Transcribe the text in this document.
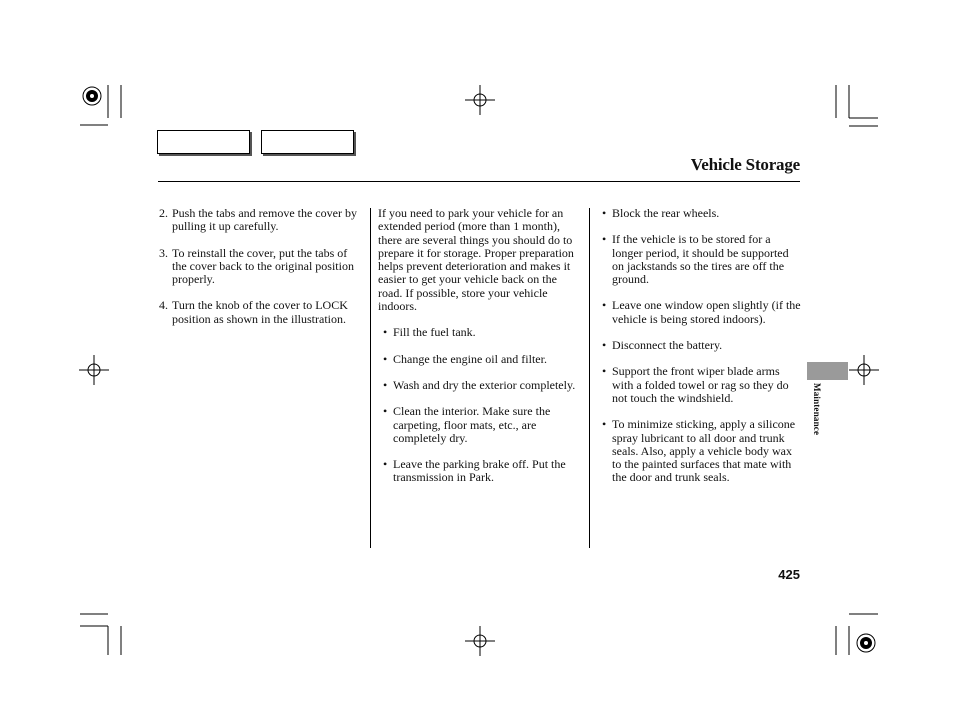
Vehicle Storage
2. Push the tabs and remove the cover by pulling it up carefully.
3. To reinstall the cover, put the tabs of the cover back to the original position properly.
4. Turn the knob of the cover to LOCK position as shown in the illustration.

If you need to park your vehicle for an extended period (more than 1 month), there are several things you should do to prepare it for storage. Proper preparation helps prevent deterioration and makes it easier to get your vehicle back on the road. If possible, store your vehicle indoors.

• Fill the fuel tank.
• Change the engine oil and filter.
• Wash and dry the exterior completely.
• Clean the interior. Make sure the carpeting, floor mats, etc., are completely dry.
• Leave the parking brake off. Put the transmission in Park.
• Block the rear wheels.
• If the vehicle is to be stored for a longer period, it should be supported on jackstands so the tires are off the ground.
• Leave one window open slightly (if the vehicle is being stored indoors).
• Disconnect the battery.
• Support the front wiper blade arms with a folded towel or rag so they do not touch the windshield.
• To minimize sticking, apply a silicone spray lubricant to all door and trunk seals. Also, apply a vehicle body wax to the painted surfaces that mate with the door and trunk seals.
Maintenance
425
